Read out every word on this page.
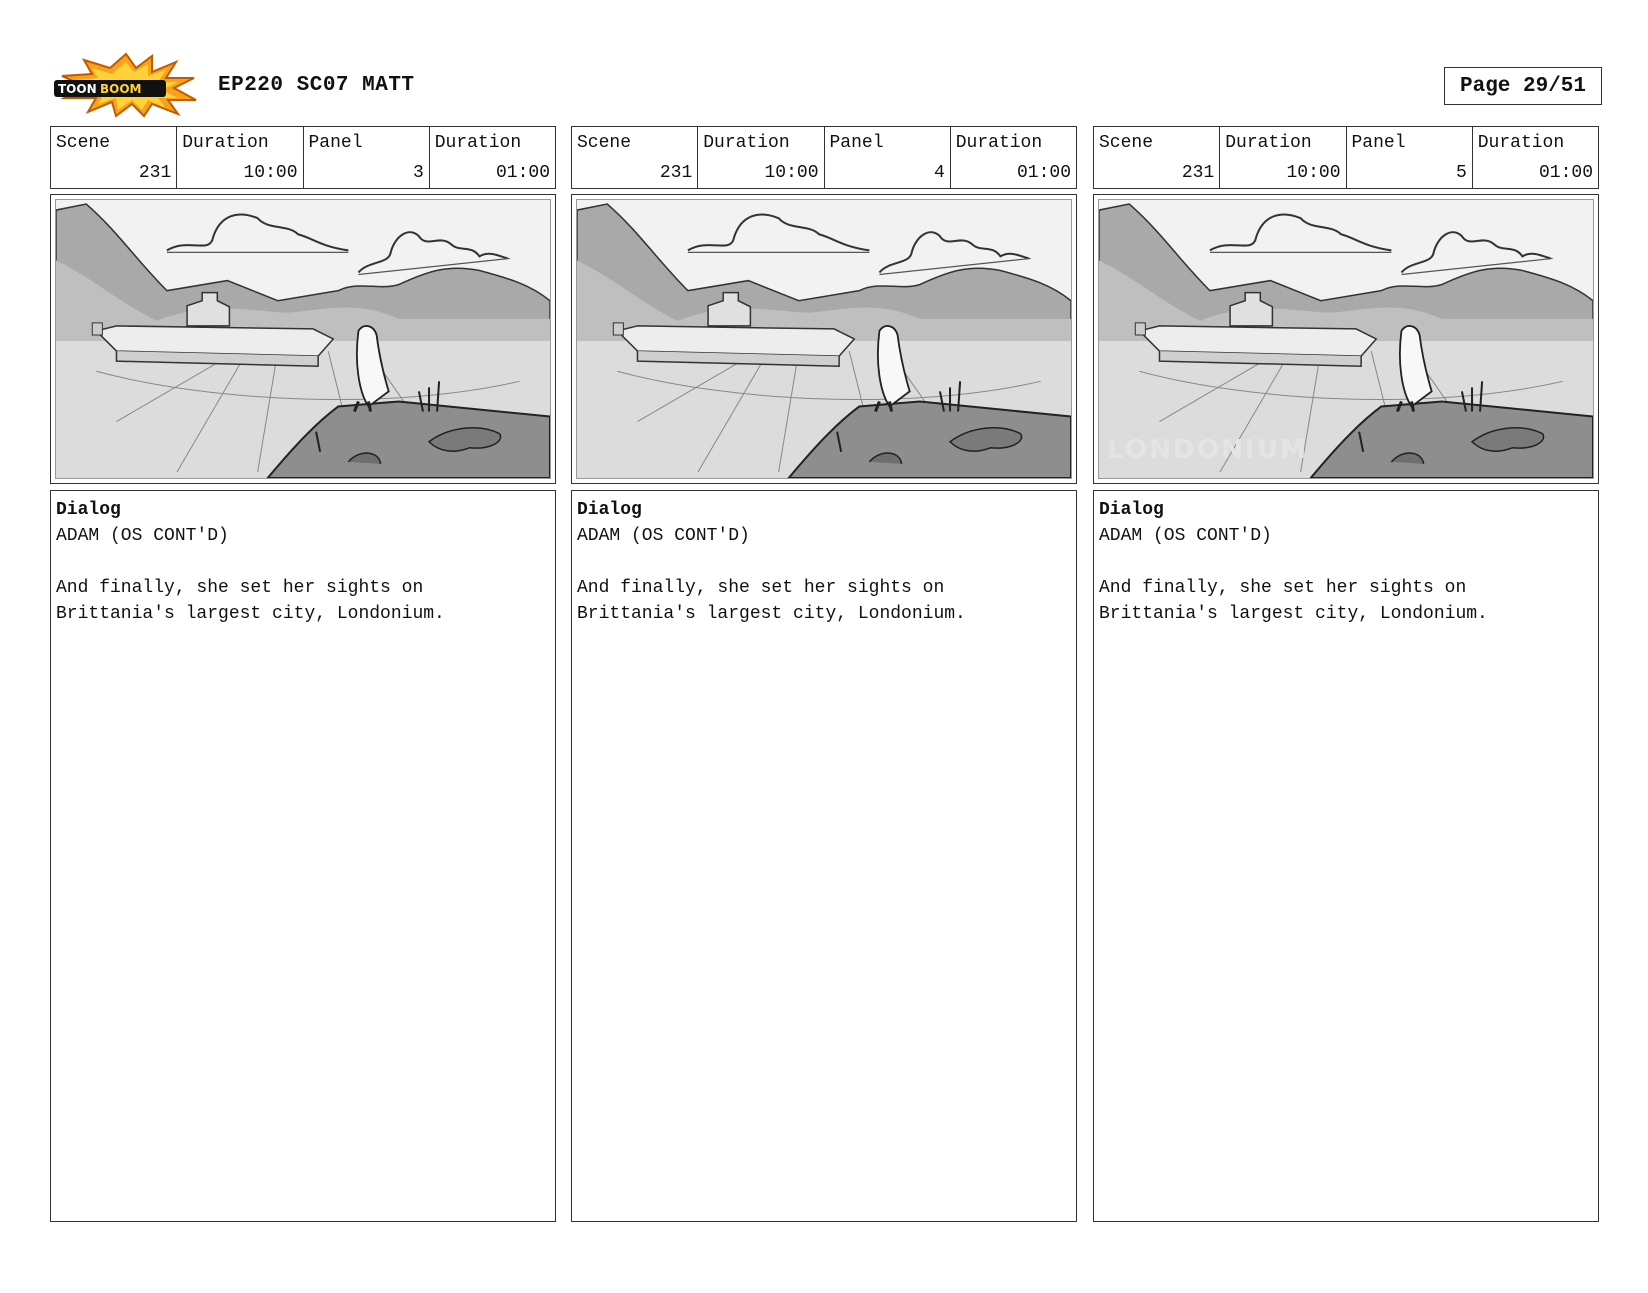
TOON BOOM	EP220 SC07 MATT	Page 29/51
Scene
231
Duration
10:00
Panel
3
Duration
01:00
Dialog
ADAM (OS CONT'D)
And finally, she set her sights on
Brittania's largest city, Londonium.
Scene
231
Duration
10:00
Panel
4
Duration
01:00
Dialog
ADAM (OS CONT'D)
And finally, she set her sights on
Brittania's largest city, Londonium.
Scene
231
Duration
10:00
Panel
5
Duration
01:00
LONDONIUM
Dialog
ADAM (OS CONT'D)
And finally, she set her sights on
Brittania's largest city, Londonium.
